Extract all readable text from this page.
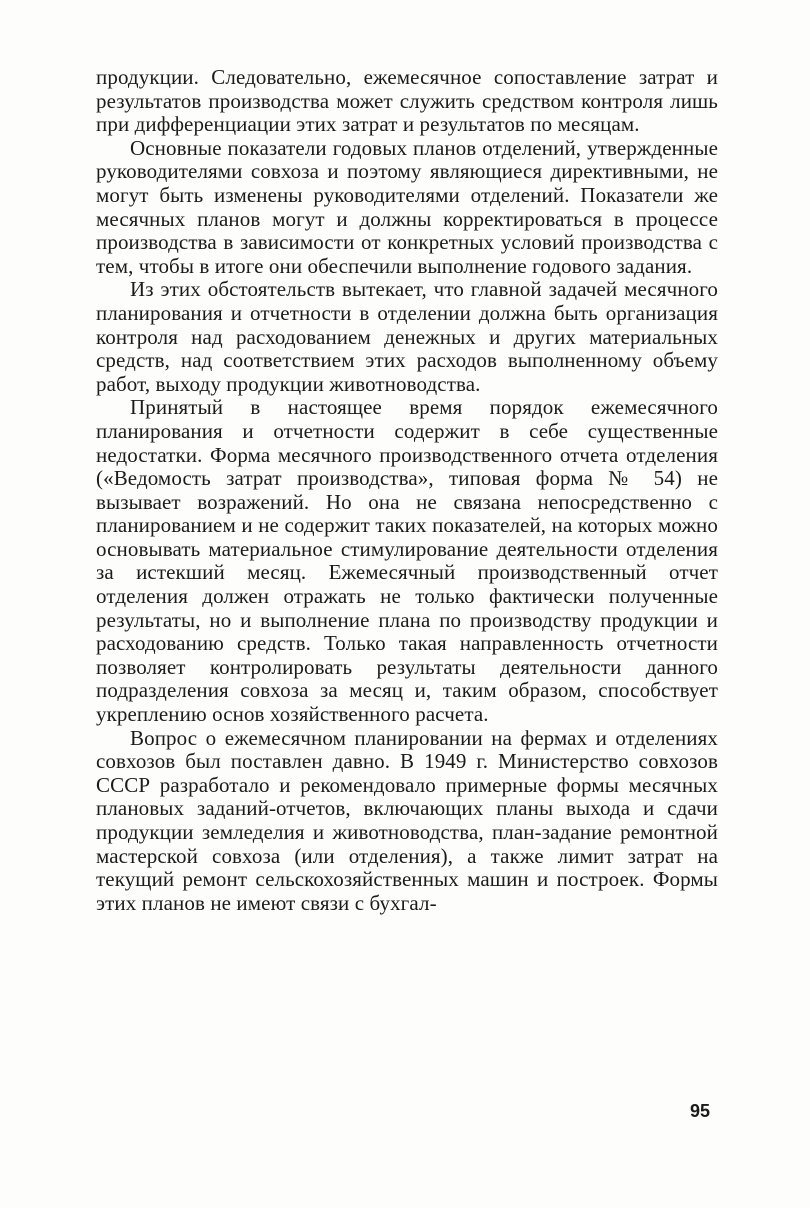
продукции. Следовательно, ежемесячное сопоставление затрат и результатов производства может служить средством контроля лишь при дифференциации этих затрат и результатов по месяцам.

Основные показатели годовых планов отделений, утвержденные руководителями совхоза и поэтому являющиеся директивными, не могут быть изменены руководителями отделений. Показатели же месячных планов могут и должны корректироваться в процессе производства в зависимости от конкретных условий производства с тем, чтобы в итоге они обеспечили выполнение годового задания.

Из этих обстоятельств вытекает, что главной задачей месячного планирования и отчетности в отделении должна быть организация контроля над расходованием денежных и других материальных средств, над соответствием этих расходов выполненному объему работ, выходу продукции животноводства.

Принятый в настоящее время порядок ежемесячного планирования и отчетности содержит в себе существенные недостатки. Форма месячного производственного отчета отделения («Ведомость затрат производства», типовая форма № 54) не вызывает возражений. Но она не связана непосредственно с планированием и не содержит таких показателей, на которых можно основывать материальное стимулирование деятельности отделения за истекший месяц. Ежемесячный производственный отчет отделения должен отражать не только фактически полученные результаты, но и выполнение плана по производству продукции и расходованию средств. Только такая направленность отчетности позволяет контролировать результаты деятельности данного подразделения совхоза за месяц и, таким образом, способствует укреплению основ хозяйственного расчета.

Вопрос о ежемесячном планировании на фермах и отделениях совхозов был поставлен давно. В 1949 г. Министерство совхозов СССР разработало и рекомендовало примерные формы месячных плановых заданий-отчетов, включающих планы выхода и сдачи продукции земледелия и животноводства, план-задание ремонтной мастерской совхоза (или отделения), а также лимит затрат на текущий ремонт сельскохозяйственных машин и построек. Формы этих планов не имеют связи с бухгал-

95
